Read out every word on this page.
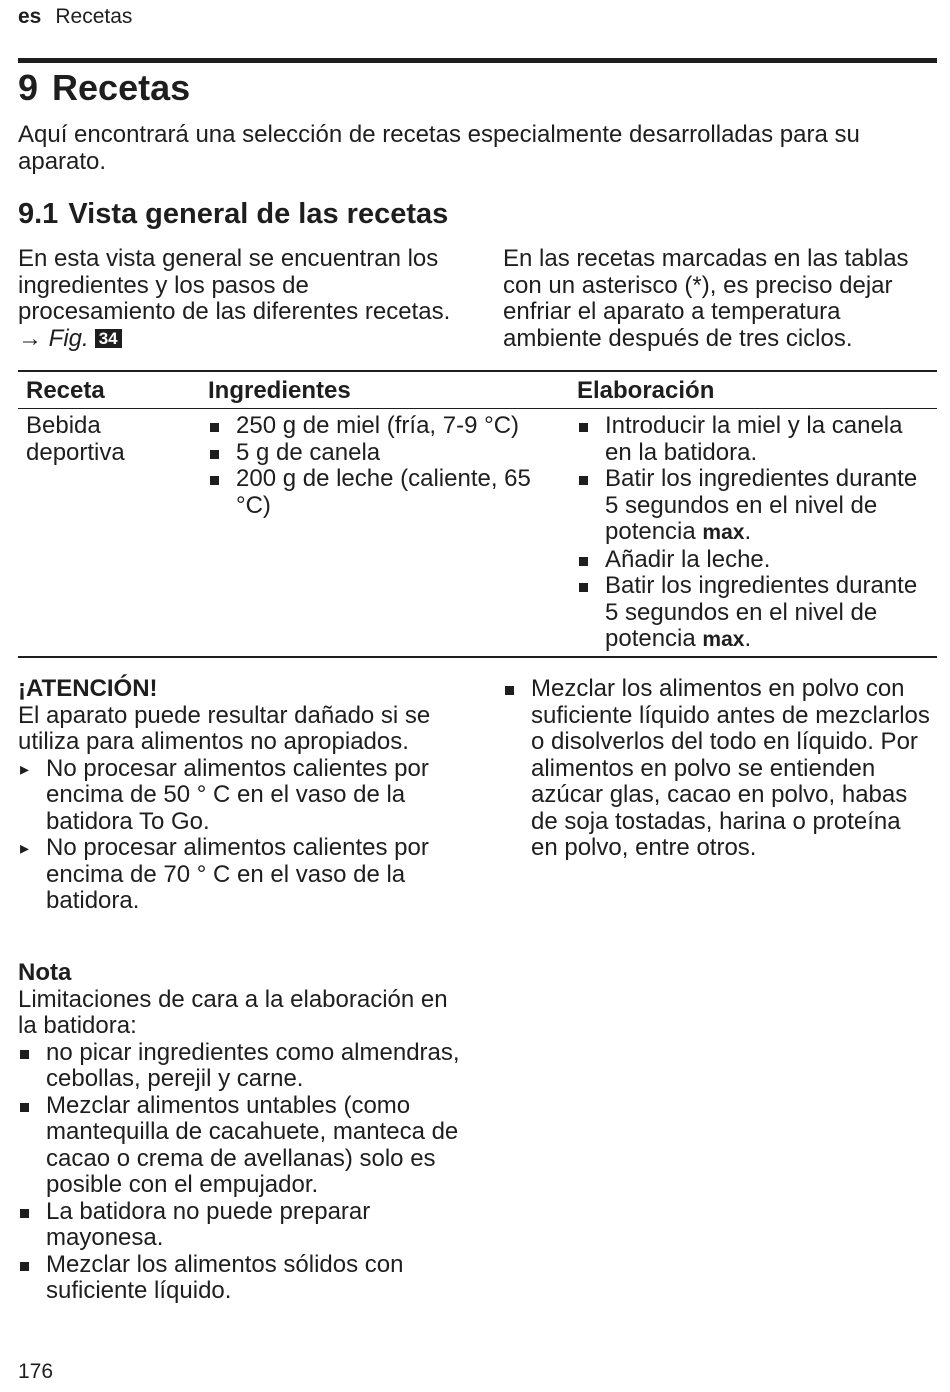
es Recetas
9 Recetas

Aquí encontrará una selección de recetas especialmente desarrolladas para su aparato.

9.1 Vista general de las recetas
En esta vista general se encuentran los ingredientes y los pasos de procesamiento de las diferentes recetas. → Fig. 34

En las recetas marcadas en las tablas con un asterisco (*), es preciso dejar enfriar el aparato a temperatura ambiente después de tres ciclos.

Receta	Ingredientes	Elaboración
Bebida deportiva
250 g de miel (fría, 7-9 °C)
5 g de canela
200 g de leche (caliente, 65 °C)
Introducir la miel y la canela en la batidora.
Batir los ingredientes durante 5 segundos en el nivel de potencia max.
Añadir la leche.
Batir los ingredientes durante 5 segundos en el nivel de potencia max.
¡ATENCIÓN!

El aparato puede resultar dañado si se utiliza para alimentos no apropiados.

▸ No procesar alimentos calientes por encima de 50 ° C en el vaso de la batidora To Go.
▸ No procesar alimentos calientes por encima de 70 ° C en el vaso de la batidora.
Mezclar los alimentos en polvo con suficiente líquido antes de mezclarlos o disolverlos del todo en líquido. Por alimentos en polvo se entienden azúcar glas, cacao en polvo, habas de soja tostadas, harina o proteína en polvo, entre otros.
Nota

Limitaciones de cara a la elaboración en la batidora:

no picar ingredientes como almendras, cebollas, perejil y carne.
Mezclar alimentos untables (como mantequilla de cacahuete, manteca de cacao o crema de avellanas) solo es posible con el empujador.
La batidora no puede preparar mayonesa.
Mezclar los alimentos sólidos con suficiente líquido.
176
